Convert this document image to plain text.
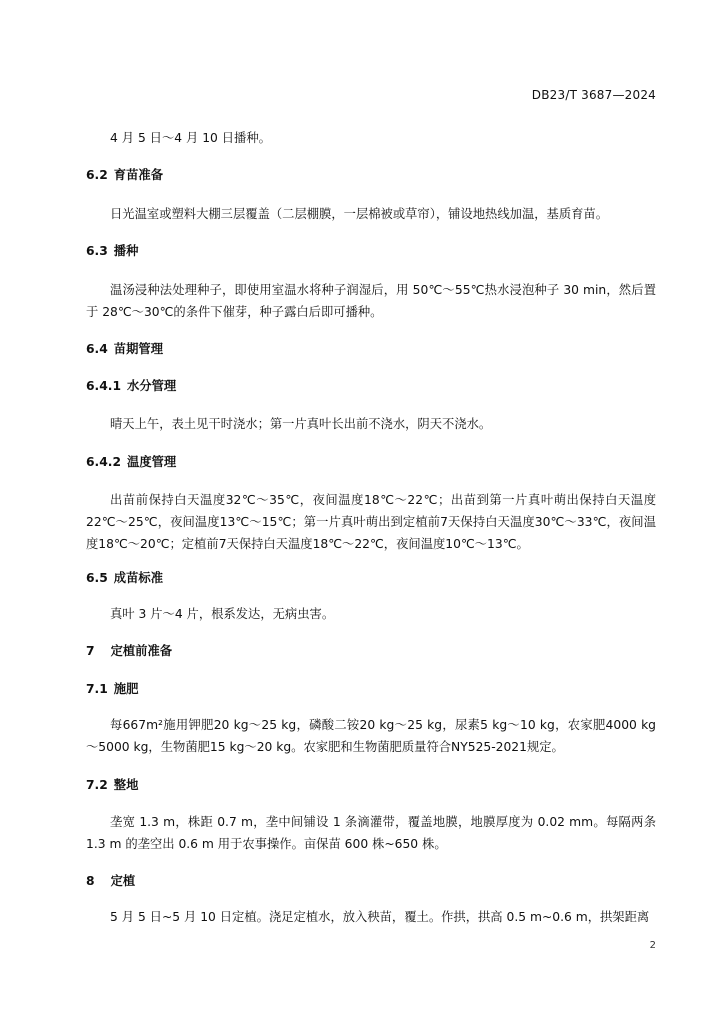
DB23/T 3687—2024
4 月 5 日～4 月 10 日播种。
6.2 育苗准备
日光温室或塑料大棚三层覆盖（二层棚膜，一层棉被或草帘），铺设地热线加温，基质育苗。
6.3 播种
温汤浸种法处理种子，即使用室温水将种子润湿后，用 50℃～55℃热水浸泡种子 30 min，然后置于 28℃～30℃的条件下催芽，种子露白后即可播种。
6.4 苗期管理
6.4.1 水分管理
晴天上午，表土见干时浇水；第一片真叶长出前不浇水，阴天不浇水。
6.4.2 温度管理
出苗前保持白天温度32℃～35℃，夜间温度18℃～22℃；出苗到第一片真叶萌出保持白天温度22℃～25℃，夜间温度13℃～15℃；第一片真叶萌出到定植前7天保持白天温度30℃～33℃，夜间温度18℃～20℃；定植前7天保持白天温度18℃～22℃，夜间温度10℃～13℃。
6.5 成苗标准
真叶 3 片～4 片，根系发达，无病虫害。
7 定植前准备
7.1 施肥
每667m²施用钾肥20 kg～25 kg，磷酸二铵20 kg～25 kg，尿素5 kg～10 kg，农家肥4000 kg～5000 kg，生物菌肥15 kg～20 kg。农家肥和生物菌肥质量符合NY525-2021规定。
7.2 整地
垄宽 1.3 m，株距 0.7 m，垄中间铺设 1 条滴灌带，覆盖地膜，地膜厚度为 0.02 mm。每隔两条 1.3 m 的垄空出 0.6 m 用于农事操作。亩保苗 600 株~650 株。
8 定植
5 月 5 日~5 月 10 日定植。浇足定植水，放入秧苗，覆土。作拱，拱高 0.5 m~0.6 m，拱架距离
2
